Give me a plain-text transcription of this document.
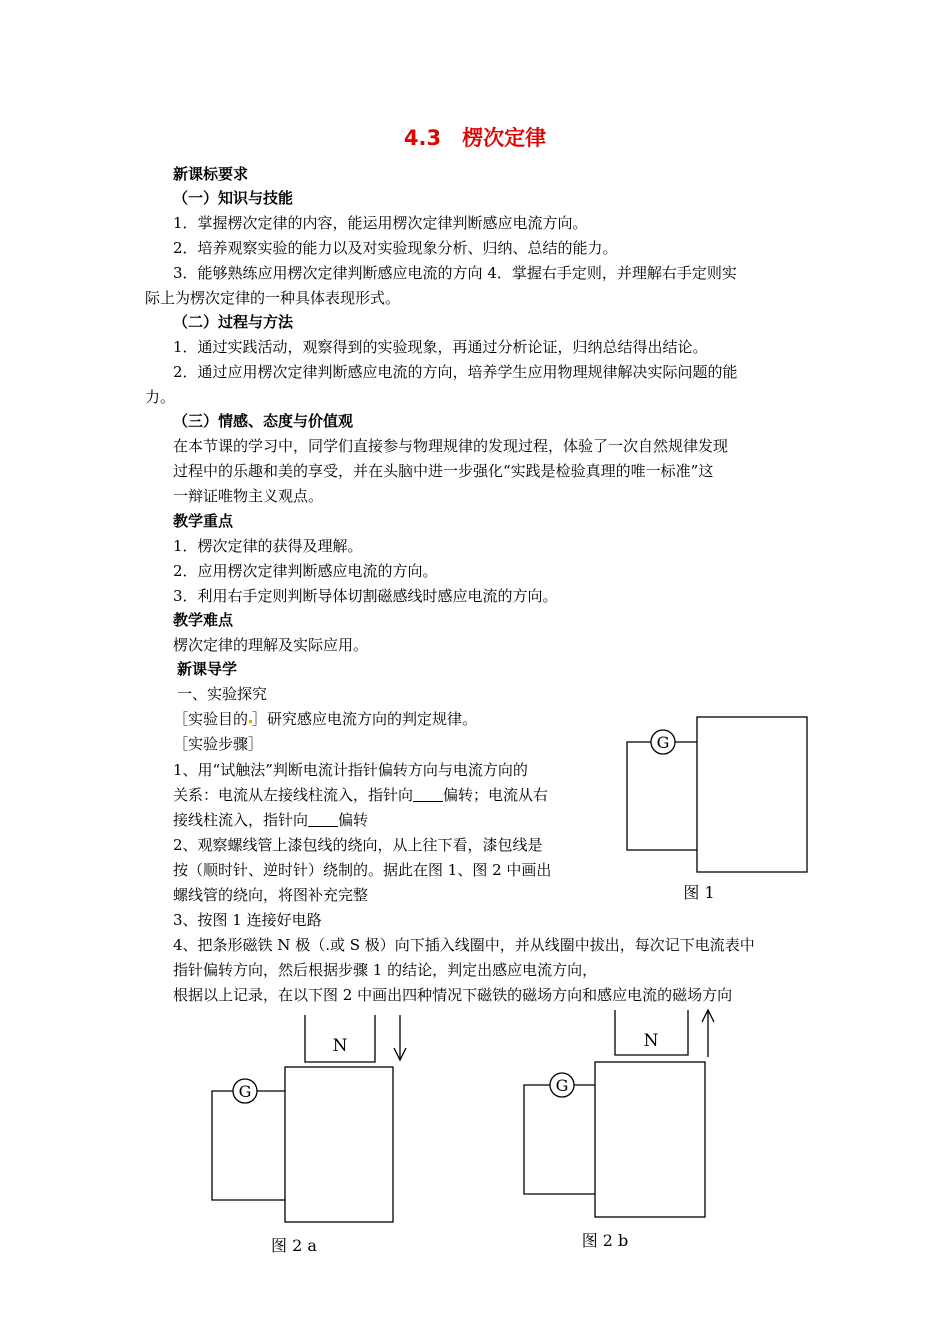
4.3　楞次定律
新课标要求
（一）知识与技能
1．掌握楞次定律的内容，能运用楞次定律判断感应电流方向。
2．培养观察实验的能力以及对实验现象分析、归纳、总结的能力。
3．能够熟练应用楞次定律判断感应电流的方向 4．掌握右手定则，并理解右手定则实
际上为楞次定律的一种具体表现形式。
（二）过程与方法
1．通过实践活动，观察得到的实验现象，再通过分析论证，归纳总结得出结论。
2．通过应用楞次定律判断感应电流的方向，培养学生应用物理规律解决实际问题的能
力。
（三）情感、态度与价值观
在本节课的学习中，同学们直接参与物理规律的发现过程，体验了一次自然规律发现
过程中的乐趣和美的享受，并在头脑中进一步强化“实践是检验真理的唯一标准”这
一辩证唯物主义观点。
教学重点
1．楞次定律的获得及理解。
2．应用楞次定律判断感应电流的方向。
3．利用右手定则判断导体切割磁感线时感应电流的方向。
教学难点
楞次定律的理解及实际应用。
新课导学
一、实验探究
［实验目的 ］研究感应电流方向的判定规律。
［实验步骤］
1、用“试触法”判断电流计指针偏转方向与电流方向的
关系：电流从左接线柱流入，指针向 偏转；电流从右
接线柱流入，指针向 偏转
2、观察螺线管上漆包线的绕向，从上往下看，漆包线是
按（顺时针、逆时针）绕制的。据此在图 1、图 2 中画出
螺线管的绕向，将图补充完整
3、按图 1 连接好电路
4、把条形磁铁 N 极（.或 S 极）向下插入线圈中，并从线圈中拔出，每次记下电流表中
指针偏转方向，然后根据步骤 1 的结论，判定出感应电流方向，
根据以上记录，在以下图 2 中画出四种情况下磁铁的磁场方向和感应电流的磁场方向
G
图 1
N
G
图 2 a
N
G
图 2 b
